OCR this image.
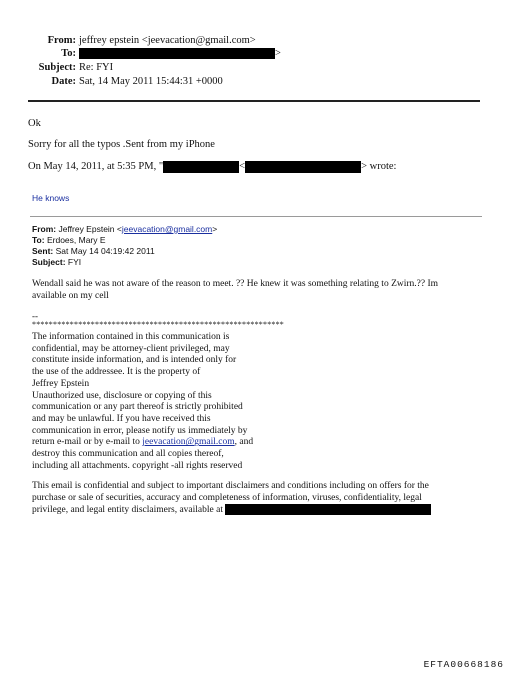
From: jeffrey epstein <jeevacation@gmail.com>
To:	>
Subject: Re: FYI
Date: Sat, 14 May 2011 15:44:31 +0000
Ok
Sorry for all the typos .Sent from my iPhone
On May 14, 2011, at 5:35 PM, "	<	> wrote:
He knows
From: Jeffrey Epstein <jeevacation@gmail.com>
To: Erdoes, Mary E
Sent: Sat May 14 04:19:42 2011
Subject: FYI
Wendall said he was not aware of the reason to meet. ?? He knew it was something relating to Zwirn.?? Im
available on my cell
--
************************************************************
The information contained in this communication is
confidential, may be attorney-client privileged, may
constitute inside information, and is intended only for
the use of the addressee. It is the property of
Jeffrey Epstein
Unauthorized use, disclosure or copying of this
communication or any part thereof is strictly prohibited
and may be unlawful. If you have received this
communication in error, please notify us immediately by
return e-mail or by e-mail to jeevacation@gmail.com, and
destroy this communication and all copies thereof,
including all attachments. copyright -all rights reserved
This email is confidential and subject to important disclaimers and conditions including on offers for the
purchase or sale of securities, accuracy and completeness of information, viruses, confidentiality, legal
privilege, and legal entity disclaimers, available at
EFTA00668186
